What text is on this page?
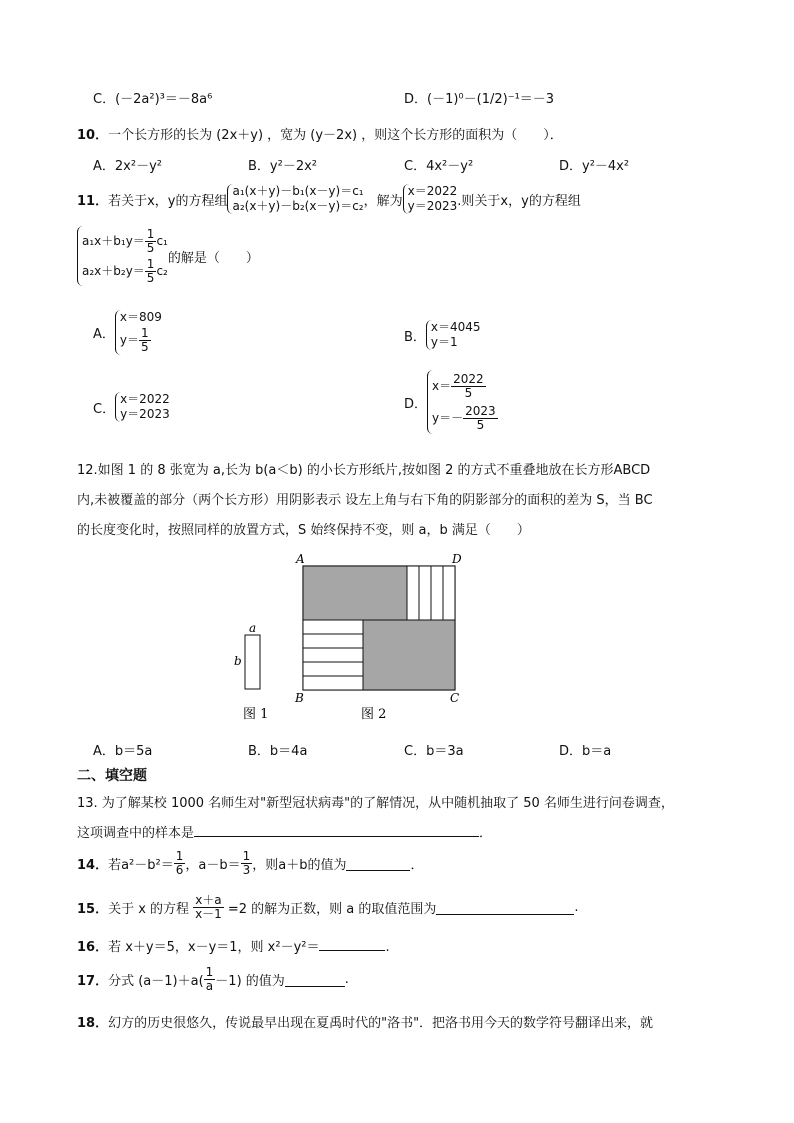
C．(－2a²)³＝－8a⁶	D．(－1)⁰－(1/2)⁻¹＝－3
10．一个长方形的长为 (2x＋y) ，宽为 (y－2x) ，则这个长方形的面积为（　　）．
A．2x²－y²	B．y²－2x²	C．4x²－y²	D．y²－4x²
11． 若关于x，y的方程组
a₁(x＋y)－b₁(x－y)＝c₁
a₂(x＋y)－b₂(x－y)＝c₂ ，解为
x＝2022
y＝2023 .则关于x，y的方程组
$a_1x+b_1y= \frac{1}{5} c_1$
$a_2x+b_2y= \frac{1}{5} c_2$
的解是（　　）
A．
x＝809
$y= \frac{1}{5}$	B．
x＝4045
y＝1
C．
x＝2022
y＝2023
D．
$x= \frac{2022}{5}$
$y=- \frac{2023}{5}$
12.如图 1 的 8 张宽为 a,长为 b(a＜b) 的小长方形纸片,按如图 2 的方式不重叠地放在长方形ABCD
内,未被覆盖的部分（两个长方形）用阴影表示 设左上角与右下角的阴影部分的面积的差为 S，当 BC
的长度变化时，按照同样的放置方式，S 始终保持不变，则 a，b 满足（　　）
a
b
图 1
A	D
B	C
图 2
A．b＝5a	B．b＝4a	C．b＝3a	D．b＝a
二、填空题
13. 为了解某校 1000 名师生对"新型冠状病毒"的了解情况，从中随机抽取了 50 名师生进行问卷调查，
这项调查中的样本是	．
14． 若$a^2-b^2= \frac{1}{6}$ ，$a-b= \frac{1}{3}$ ，则a＋b的值为	．
15． 关于 x 的方程
$\frac{x+a}{x-1}$
=2 的解为正数，则 a 的取值范围为	.
16．若 x＋y＝5，x－y＝1，则 x²－y²＝	.
17． 分式 $(a-1)+a( \frac{1}{a} -1)$ 的值为	.
18．幻方的历史很悠久，传说最早出现在夏禹时代的"洛书"．把洛书用今天的数学符号翻译出来，就
